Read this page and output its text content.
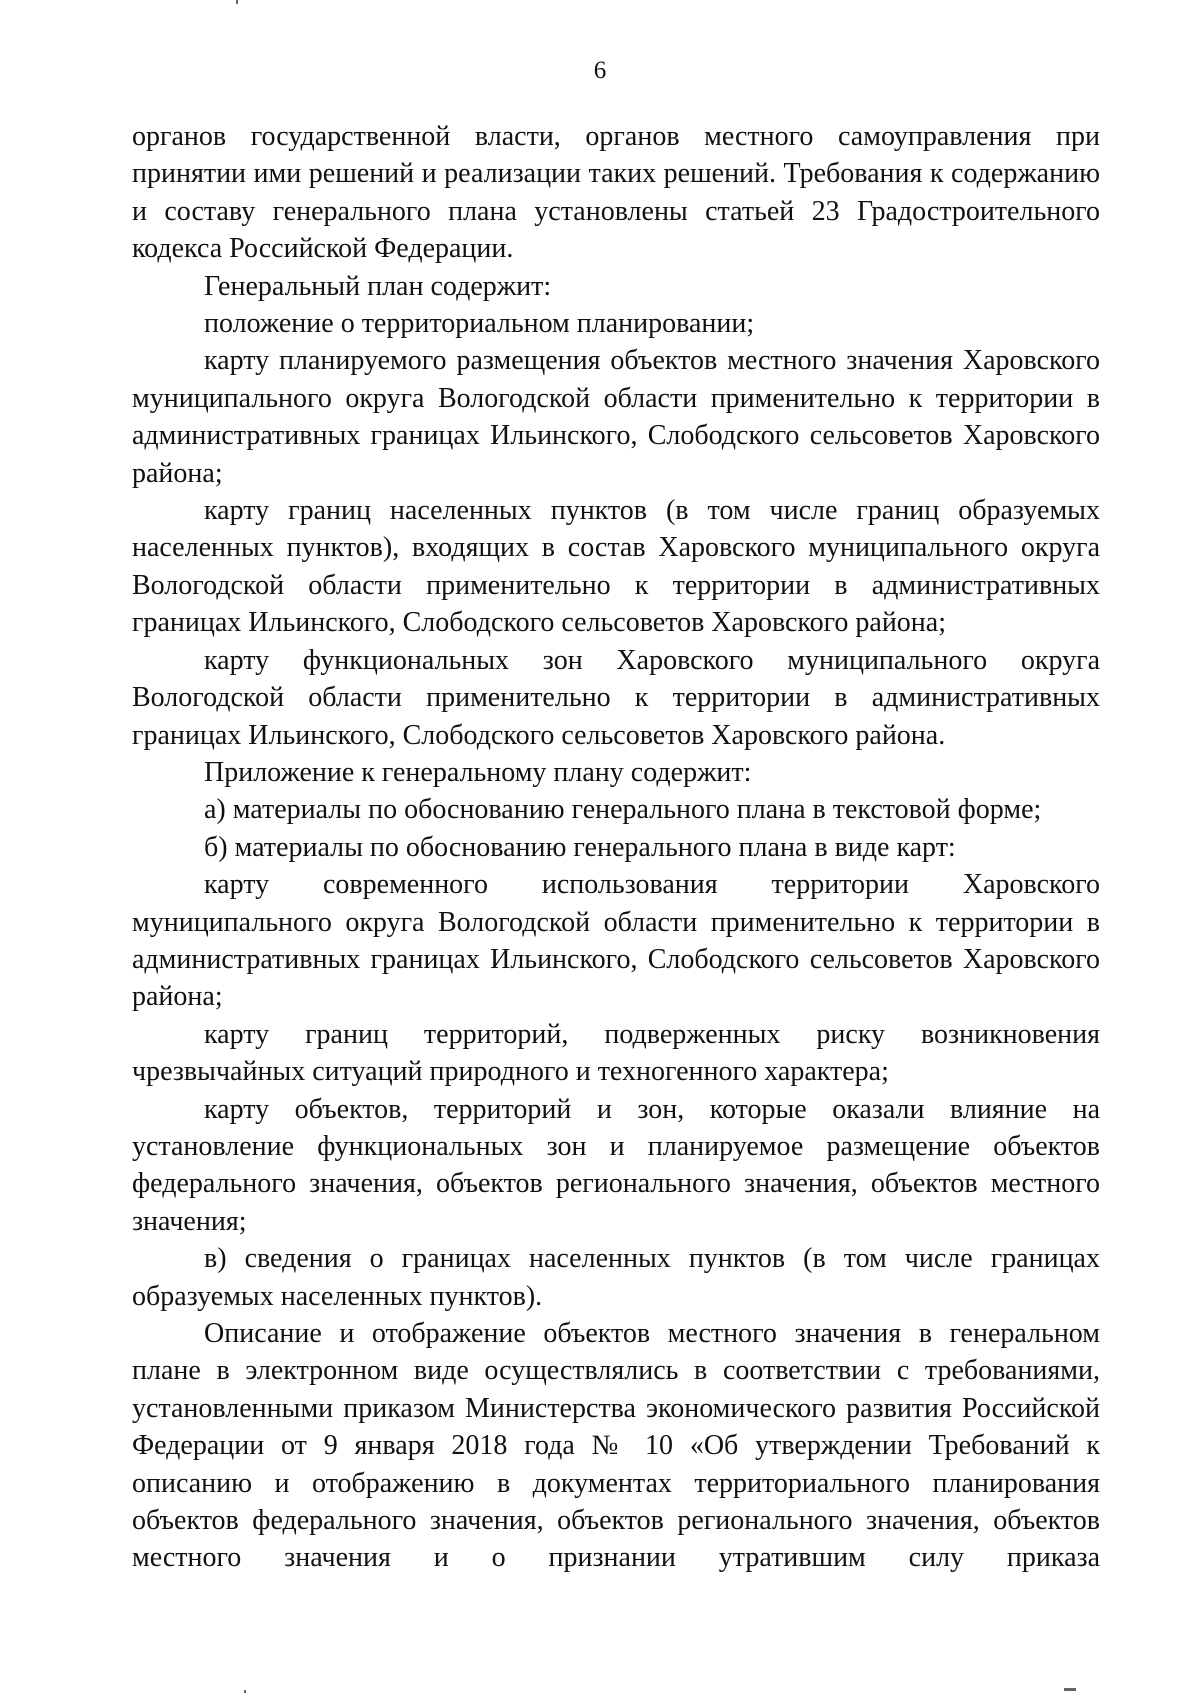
6

органов государственной власти, органов местного самоуправления при принятии ими решений и реализации таких решений. Требования к содержанию и составу генерального плана установлены статьей 23 Градостроительного кодекса Российской Федерации.

Генеральный план содержит:

положение о территориальном планировании;

карту планируемого размещения объектов местного значения Харовского муниципального округа Вологодской области применительно к территории в административных границах Ильинского, Слободского сельсоветов Харовского района;

карту границ населенных пунктов (в том числе границ образуемых населенных пунктов), входящих в состав Харовского муниципального округа Вологодской области применительно к территории в административных границах Ильинского, Слободского сельсоветов Харовского района;

карту функциональных зон Харовского муниципального округа Вологодской области применительно к территории в административных границах Ильинского, Слободского сельсоветов Харовского района.

Приложение к генеральному плану содержит:

а) материалы по обоснованию генерального плана в текстовой форме;

б) материалы по обоснованию генерального плана в виде карт:

карту современного использования территории Харовского муниципального округа Вологодской области применительно к территории в административных границах Ильинского, Слободского сельсоветов Харовского района;

карту границ территорий, подверженных риску возникновения чрезвычайных ситуаций природного и техногенного характера;

карту объектов, территорий и зон, которые оказали влияние на установление функциональных зон и планируемое размещение объектов федерального значения, объектов регионального значения, объектов местного значения;

в) сведения о границах населенных пунктов (в том числе границах образуемых населенных пунктов).

Описание и отображение объектов местного значения в генеральном плане в электронном виде осуществлялись в соответствии с требованиями, установленными приказом Министерства экономического развития Российской Федерации от 9 января 2018 года № 10 «Об утверждении Требований к описанию и отображению в документах территориального планирования объектов федерального значения, объектов регионального значения, объектов местного значения и о признании утратившим силу приказа
